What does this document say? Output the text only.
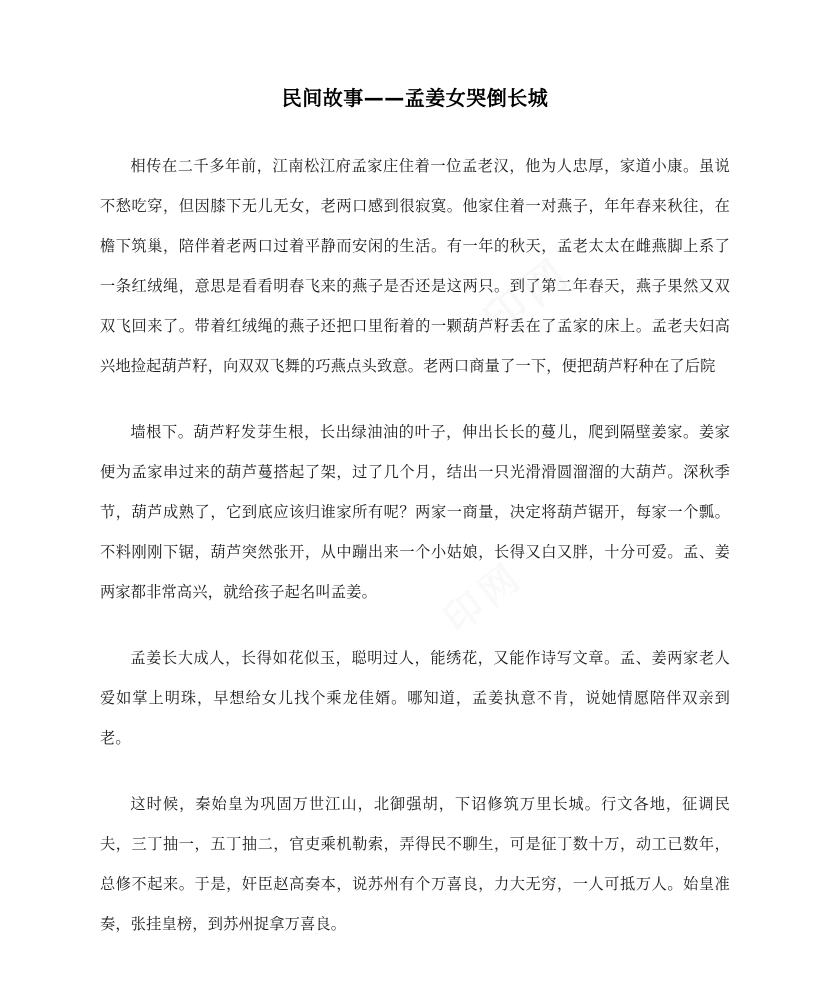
印网
民间故事——孟姜女哭倒长城

相传在二千多年前，江南松江府孟家庄住着一位孟老汉，他为人忠厚，家道小康。虽说不愁吃穿，但因膝下无儿无女，老两口感到很寂寞。他家住着一对燕子，年年春来秋往，在檐下筑巢，陪伴着老两口过着平静而安闲的生活。有一年的秋天，孟老太太在雌燕脚上系了一条红绒绳，意思是看看明春飞来的燕子是否还是这两只。到了第二年春天，燕子果然又双双飞回来了。带着红绒绳的燕子还把口里衔着的一颗葫芦籽丢在了孟家的床上。孟老夫妇高兴地捡起葫芦籽，向双双飞舞的巧燕点头致意。老两口商量了一下，便把葫芦籽种在了后院

墙根下。葫芦籽发芽生根，长出绿油油的叶子，伸出长长的蔓儿，爬到隔壁姜家。姜家便为孟家串过来的葫芦蔓搭起了架，过了几个月，结出一只光滑滑圆溜溜的大葫芦。深秋季节，葫芦成熟了，它到底应该归谁家所有呢？两家一商量，决定将葫芦锯开，每家一个瓢。不料刚刚下锯，葫芦突然张开，从中蹦出来一个小姑娘，长得又白又胖，十分可爱。孟、姜两家都非常高兴，就给孩子起名叫孟姜。

孟姜长大成人，长得如花似玉，聪明过人，能绣花，又能作诗写文章。孟、姜两家老人爱如掌上明珠，早想给女儿找个乘龙佳婿。哪知道，孟姜执意不肯，说她情愿陪伴双亲到老。

这时候，秦始皇为巩固万世江山，北御强胡，下诏修筑万里长城。行文各地，征调民夫，三丁抽一，五丁抽二，官吏乘机勒索，弄得民不聊生，可是征丁数十万，动工已数年，总修不起来。于是，奸臣赵高奏本，说苏州有个万喜良，力大无穷，一人可抵万人。始皇准奏，张挂皇榜，到苏州捉拿万喜良。
